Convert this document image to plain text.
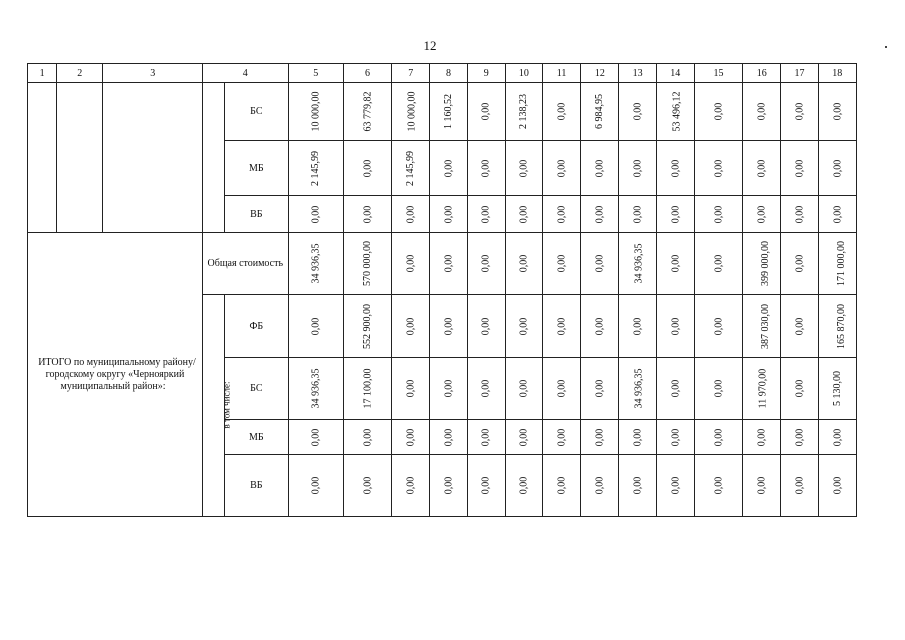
12
1	2	3	4		5	6	7	8	9	10	11	12	13	14	15	16	17	18
				БС	10 000,00	63 779,82	10 000,00	1 160,52	0,00	2 138,23	0,00	6 984,95	0,00	53 496,12	0,00	0,00	0,00	0,00
				МБ	2 145,99	0,00	2 145,99	0,00	0,00	0,00	0,00	0,00	0,00	0,00	0,00	0,00	0,00	0,00
				ВБ	0,00	0,00	0,00	0,00	0,00	0,00	0,00	0,00	0,00	0,00	0,00	0,00	0,00	0,00
ИТОГО по муниципальному району/ городскому округу «Чернояркий муниципальный район»:			Общая стоимость		34 936,35	570 000,00	0,00	0,00	0,00	0,00	0,00	0,00	34 936,35	0,00	0,00	399 000,00	0,00	171 000,00
			в том числе:	ФБ	0,00	552 900,00	0,00	0,00	0,00	0,00	0,00	0,00	0,00	0,00	0,00	387 030,00	0,00	165 870,00
				БС	34 936,35	17 100,00	0,00	0,00	0,00	0,00	0,00	0,00	34 936,35	0,00	0,00	11 970,00	0,00	5 130,00
				МБ	0,00	0,00	0,00	0,00	0,00	0,00	0,00	0,00	0,00	0,00	0,00	0,00	0,00	0,00
				ВБ	0,00	0,00	0,00	0,00	0,00	0,00	0,00	0,00	0,00	0,00	0,00	0,00	0,00	0,00
